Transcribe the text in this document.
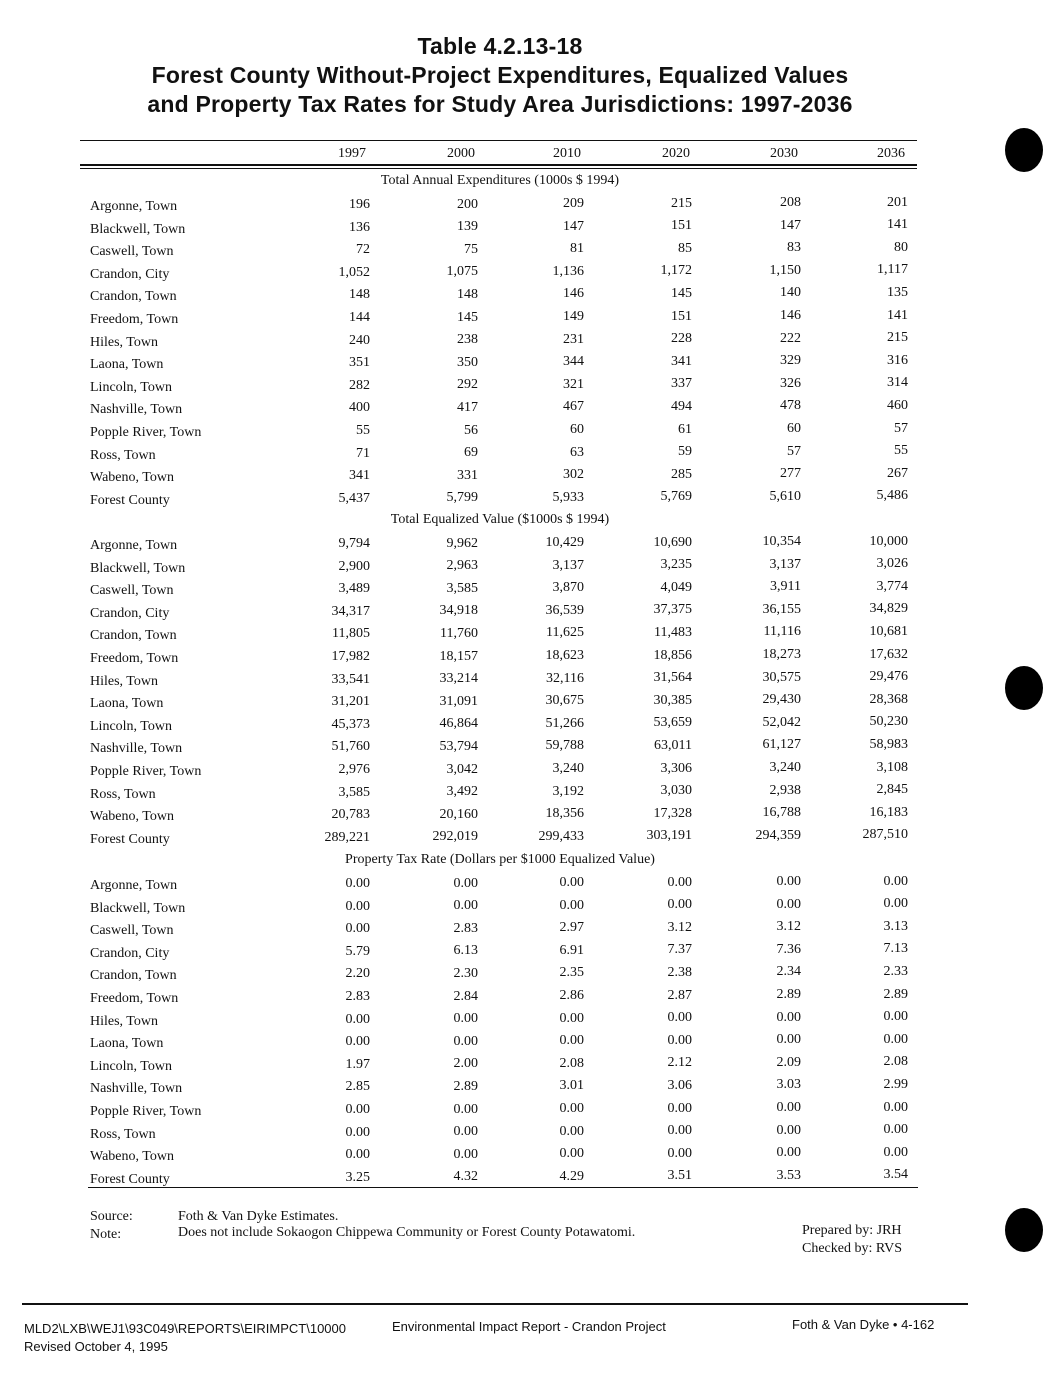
Table 4.2.13-18
Forest County Without-Project Expenditures, Equalized Values
and Property Tax Rates for Study Area Jurisdictions: 1997-2036
1997	2000	2010	2020	2030	2036
Total Annual Expenditures (1000s $ 1994)
Argonne, Town	196	200	209	215	208	201
Blackwell, Town	136	139	147	151	147	141
Caswell, Town	72	75	81	85	83	80
Crandon, City	1,052	1,075	1,136	1,172	1,150	1,117
Crandon, Town	148	148	146	145	140	135
Freedom, Town	144	145	149	151	146	141
Hiles, Town	240	238	231	228	222	215
Laona, Town	351	350	344	341	329	316
Lincoln, Town	282	292	321	337	326	314
Nashville, Town	400	417	467	494	478	460
Popple River, Town	55	56	60	61	60	57
Ross, Town	71	69	63	59	57	55
Wabeno, Town	341	331	302	285	277	267
Forest County	5,437	5,799	5,933	5,769	5,610	5,486
Total Equalized Value ($1000s $ 1994)
Argonne, Town	9,794	9,962	10,429	10,690	10,354	10,000
Blackwell, Town	2,900	2,963	3,137	3,235	3,137	3,026
Caswell, Town	3,489	3,585	3,870	4,049	3,911	3,774
Crandon, City	34,317	34,918	36,539	37,375	36,155	34,829
Crandon, Town	11,805	11,760	11,625	11,483	11,116	10,681
Freedom, Town	17,982	18,157	18,623	18,856	18,273	17,632
Hiles, Town	33,541	33,214	32,116	31,564	30,575	29,476
Laona, Town	31,201	31,091	30,675	30,385	29,430	28,368
Lincoln, Town	45,373	46,864	51,266	53,659	52,042	50,230
Nashville, Town	51,760	53,794	59,788	63,011	61,127	58,983
Popple River, Town	2,976	3,042	3,240	3,306	3,240	3,108
Ross, Town	3,585	3,492	3,192	3,030	2,938	2,845
Wabeno, Town	20,783	20,160	18,356	17,328	16,788	16,183
Forest County	289,221	292,019	299,433	303,191	294,359	287,510
Property Tax Rate (Dollars per $1000 Equalized Value)
Argonne, Town	0.00	0.00	0.00	0.00	0.00	0.00
Blackwell, Town	0.00	0.00	0.00	0.00	0.00	0.00
Caswell, Town	0.00	2.83	2.97	3.12	3.12	3.13
Crandon, City	5.79	6.13	6.91	7.37	7.36	7.13
Crandon, Town	2.20	2.30	2.35	2.38	2.34	2.33
Freedom, Town	2.83	2.84	2.86	2.87	2.89	2.89
Hiles, Town	0.00	0.00	0.00	0.00	0.00	0.00
Laona, Town	0.00	0.00	0.00	0.00	0.00	0.00
Lincoln, Town	1.97	2.00	2.08	2.12	2.09	2.08
Nashville, Town	2.85	2.89	3.01	3.06	3.03	2.99
Popple River, Town	0.00	0.00	0.00	0.00	0.00	0.00
Ross, Town	0.00	0.00	0.00	0.00	0.00	0.00
Wabeno, Town	0.00	0.00	0.00	0.00	0.00	0.00
Forest County	3.25	4.32	4.29	3.51	3.53	3.54
Source:	Foth & Van Dyke Estimates.
Note:	Does not include Sokaogon Chippewa Community or Forest County Potawatomi.	Prepared by: JRH
Checked by: RVS
MLD2\LXB\WEJ1\93C049\REPORTS\EIRIMPCT\10000	Environmental Impact Report - Crandon Project
Revised October 4, 1995
Foth & Van Dyke • 4-162
